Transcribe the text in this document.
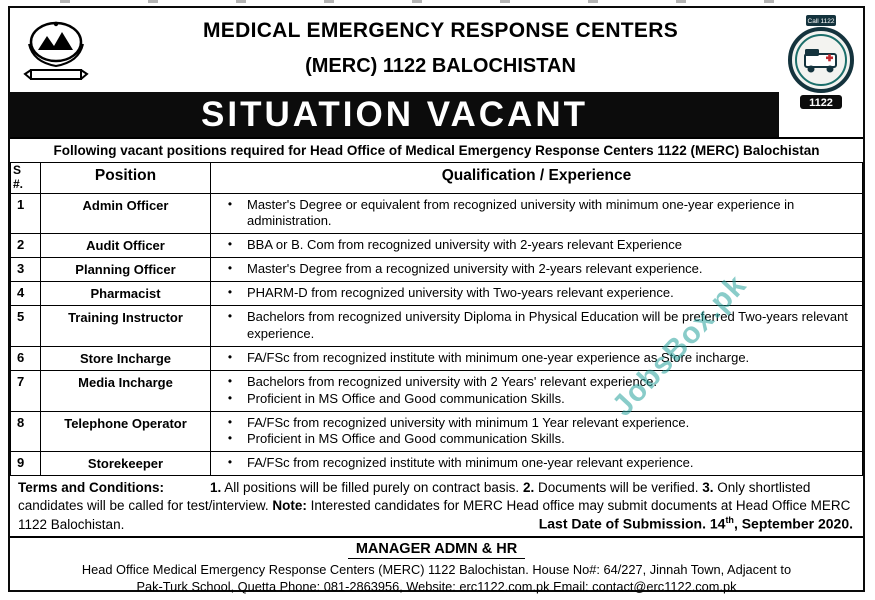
MEDICAL EMERGENCY RESPONSE CENTERS
(MERC) 1122 BALOCHISTAN
Call 1122
1122
SITUATION VACANT
Following vacant positions required for Head Office of Medical Emergency Response Centers 1122 (MERC) Balochistan
S
#.	Position	Qualification / Experience
1	Admin Officer	• Master's Degree or equivalent from recognized university with minimum one-year experience in administration.

2	Audit Officer	• BBA or B. Com from recognized university with 2-years relevant Experience

3	Planning Officer	• Master's Degree from a recognized university with 2-years relevant experience.

4	Pharmacist	• PHARM-D from recognized university with Two-years relevant experience.

5	Training Instructor	• Bachelors from recognized university Diploma in Physical Education will be preferred Two-years relevant experience.

6	Store Incharge	• FA/FSc from recognized institute with minimum one-year experience as Store incharge.

7	Media Incharge	• Bachelors from recognized university with 2 Years' relevant experience.
• Proficient in MS Office and Good communication Skills.

8	Telephone Operator	• FA/FSc from recognized university with minimum 1 Year relevant experience.
• Proficient in MS Office and Good communication Skills.

9	Storekeeper	• FA/FSc from recognized institute with minimum one-year relevant experience.
Terms and Conditions:	1. All positions will be filled purely on contract basis. 2. Documents will be verified. 3. Only shortlisted candidates will be called for test/interview. Note: Interested candidates for MERC Head office may submit documents at Head Office MERC 1122 Balochistan.	Last Date of Submission. 14th, September 2020.
MANAGER ADMN & HR
Head Office Medical Emergency Response Centers (MERC) 1122 Balochistan. House No#: 64/227, Jinnah Town, Adjacent to
Pak-Turk School, Quetta Phone: 081-2863956, Website: erc1122.com.pk Email: contact@erc1122.com.pk
JobsBox.pk
